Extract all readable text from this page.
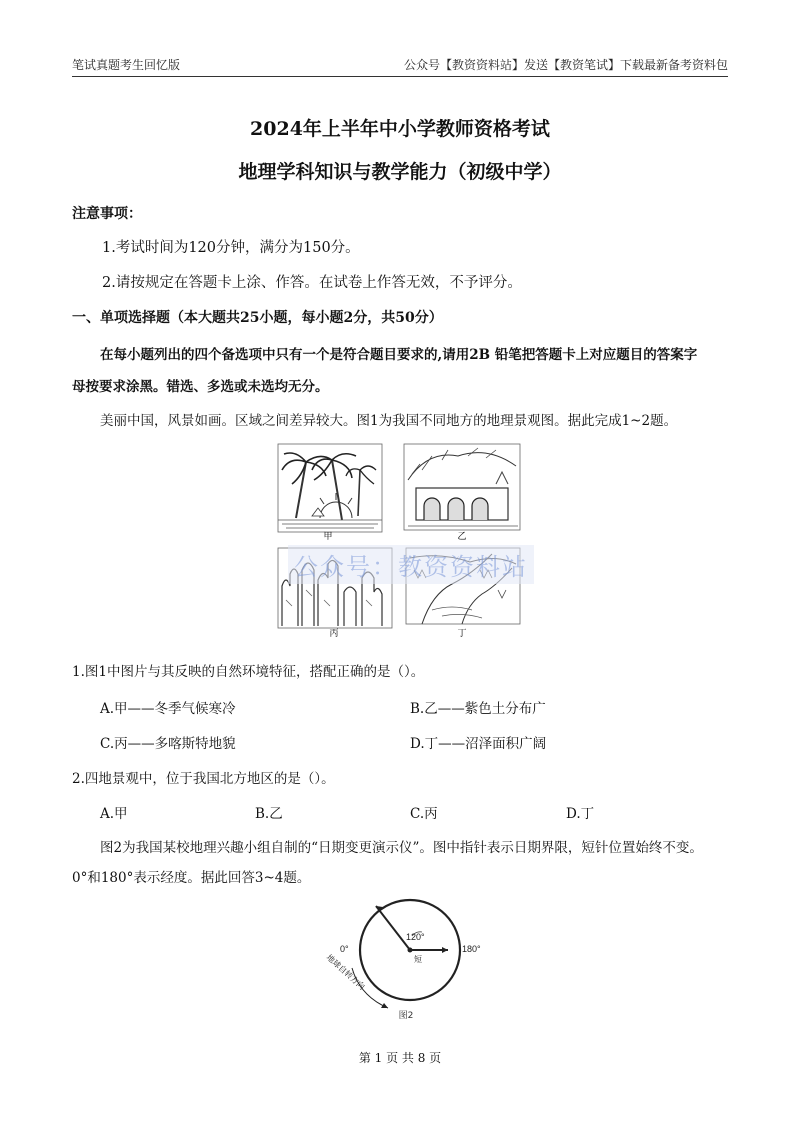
笔试真题考生回忆版	公众号【教资资料站】发送【教资笔试】下载最新备考资料包
2024年上半年中小学教师资格考试
地理学科知识与教学能力（初级中学）
注意事项：
1.考试时间为120分钟，满分为150分。
2.请按规定在答题卡上涂、作答。在试卷上作答无效，不予评分。
一、单项选择题（本大题共25小题，每小题2分，共50分）
在每小题列出的四个备选项中只有一个是符合题目要求的,请用2B 铅笔把答题卡上对应题目的答案字
母按要求涂黑。错选、多选或未选均无分。
美丽中国，风景如画。区域之间差异较大。图1为我国不同地方的地理景观图。据此完成1~2题。
甲	乙
丙	丁
公众号：教资资料站
1.图1中图片与其反映的自然环境特征，搭配正确的是（）。
A.甲——冬季气候寒冷	B.乙——紫色土分布广
C.丙——多喀斯特地貌	D.丁——沼泽面积广阔
2.四地景观中，位于我国北方地区的是（）。
A.甲	B.乙	C.丙	D.丁
图2为我国某校地理兴趣小组自制的“日期变更演示仪”。图中指针表示日期界限，短针位置始终不变。
0°和180°表示经度。据此回答3~4题。
120°
短
0°	180°
地球自转方向
图2
第 1 页 共 8 页
